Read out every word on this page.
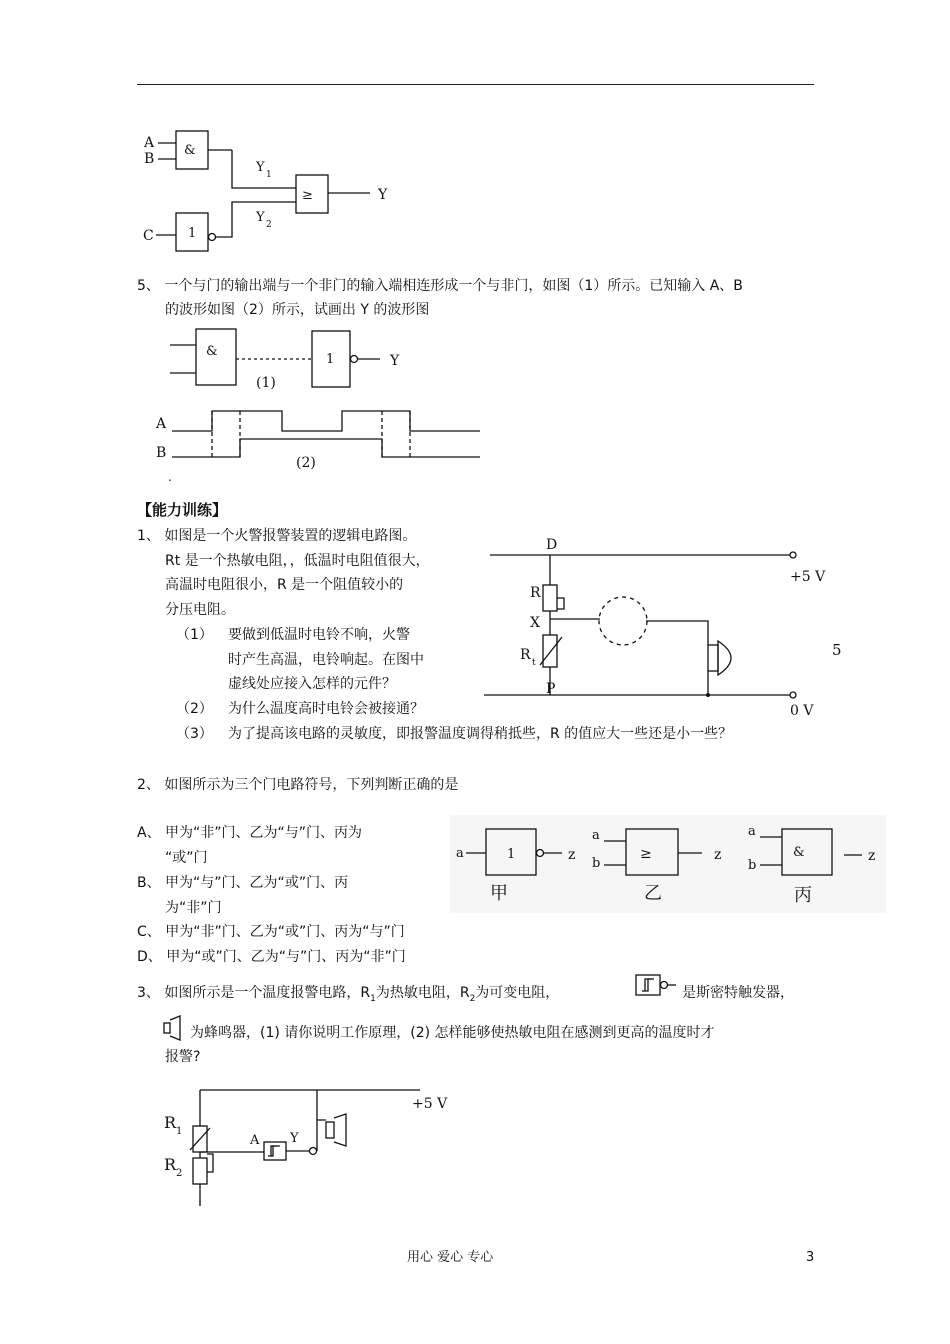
&
A
B
Y 1
≥	Y
1
C
Y 2
5、 一个与门的输出端与一个非门的输入端相连形成一个与非门，如图（1）所示。已知输入 A、B
的波形如图（2）所示，试画出 Y 的波形图
&
1	Y
(1)
A
B
(2)
.
【能力训练】
1、 如图是一个火警报警装置的逻辑电路图。
Rt 是一个热敏电阻，，低温时电阻值很大，
高温时电阻很小，R 是一个阻值较小的
分压电阻。
（1） 要做到低温时电铃不响，火警
时产生高温，电铃响起。在图中
虚线处应接入怎样的元件？
（2） 为什么温度高时电铃会被接通？
（3） 为了提高该电路的灵敏度，即报警温度调得稍抵些，R 的值应大一些还是小一些？
D
+5 V
R
X
R t
P
0 V
5
2、 如图所示为三个门电路符号，下列判断正确的是
A、 甲为“非”门、乙为“与”门、丙为
“或”门
B、 甲为“与”门、乙为“或”门、丙
为“非”门
C、 甲为“非”门、乙为“或”门、丙为“与”门
D、 甲为“或”门、乙为“与”门、丙为“非”门
a	1	z
甲
a
b
≥	z
乙
a
b
&	z
丙
3、 如图所示是一个温度报警电路，$R_1$为热敏电阻，$R_2$为可变电阻，	是斯密特触发器，
为蜂鸣器，(1) 请你说明工作原理，(2) 怎样能够使热敏电阻在感测到更高的温度时才
报警?
+5 V
R 1
R 2
A Y
用心 爱心 专心	3
